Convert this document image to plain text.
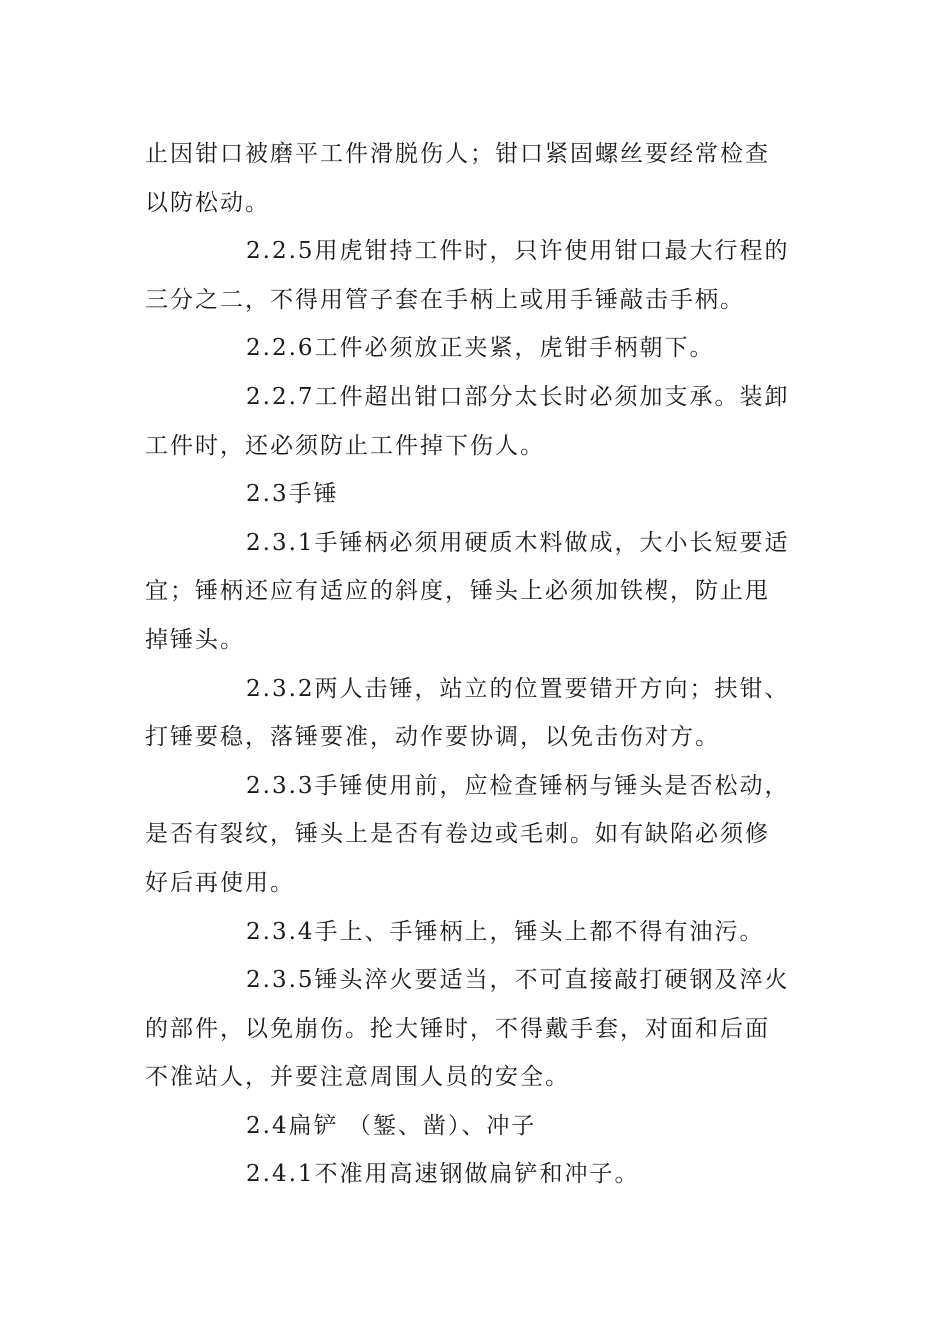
止因钳口被磨平工件滑脱伤人；钳口紧固螺丝要经常检查
以防松动。
2.2.5用虎钳持工件时，只许使用钳口最大行程的
三分之二，不得用管子套在手柄上或用手锤敲击手柄。
2.2.6工件必须放正夹紧，虎钳手柄朝下。
2.2.7工件超出钳口部分太长时必须加支承。装卸
工件时，还必须防止工件掉下伤人。
2.3手锤
2.3.1手锤柄必须用硬质木料做成，大小长短要适
宜；锤柄还应有适应的斜度，锤头上必须加铁楔，防止甩
掉锤头。
2.3.2两人击锤，站立的位置要错开方向；扶钳、
打锤要稳，落锤要准，动作要协调，以免击伤对方。
2.3.3手锤使用前，应检查锤柄与锤头是否松动，
是否有裂纹，锤头上是否有卷边或毛刺。如有缺陷必须修
好后再使用。
2.3.4手上、手锤柄上，锤头上都不得有油污。
2.3.5锤头淬火要适当，不可直接敲打硬钢及淬火
的部件，以免崩伤。抡大锤时，不得戴手套，对面和后面
不准站人，并要注意周围人员的安全。
2.4扁铲 （錾、凿）、冲子
2.4.1不准用高速钢做扁铲和冲子。
